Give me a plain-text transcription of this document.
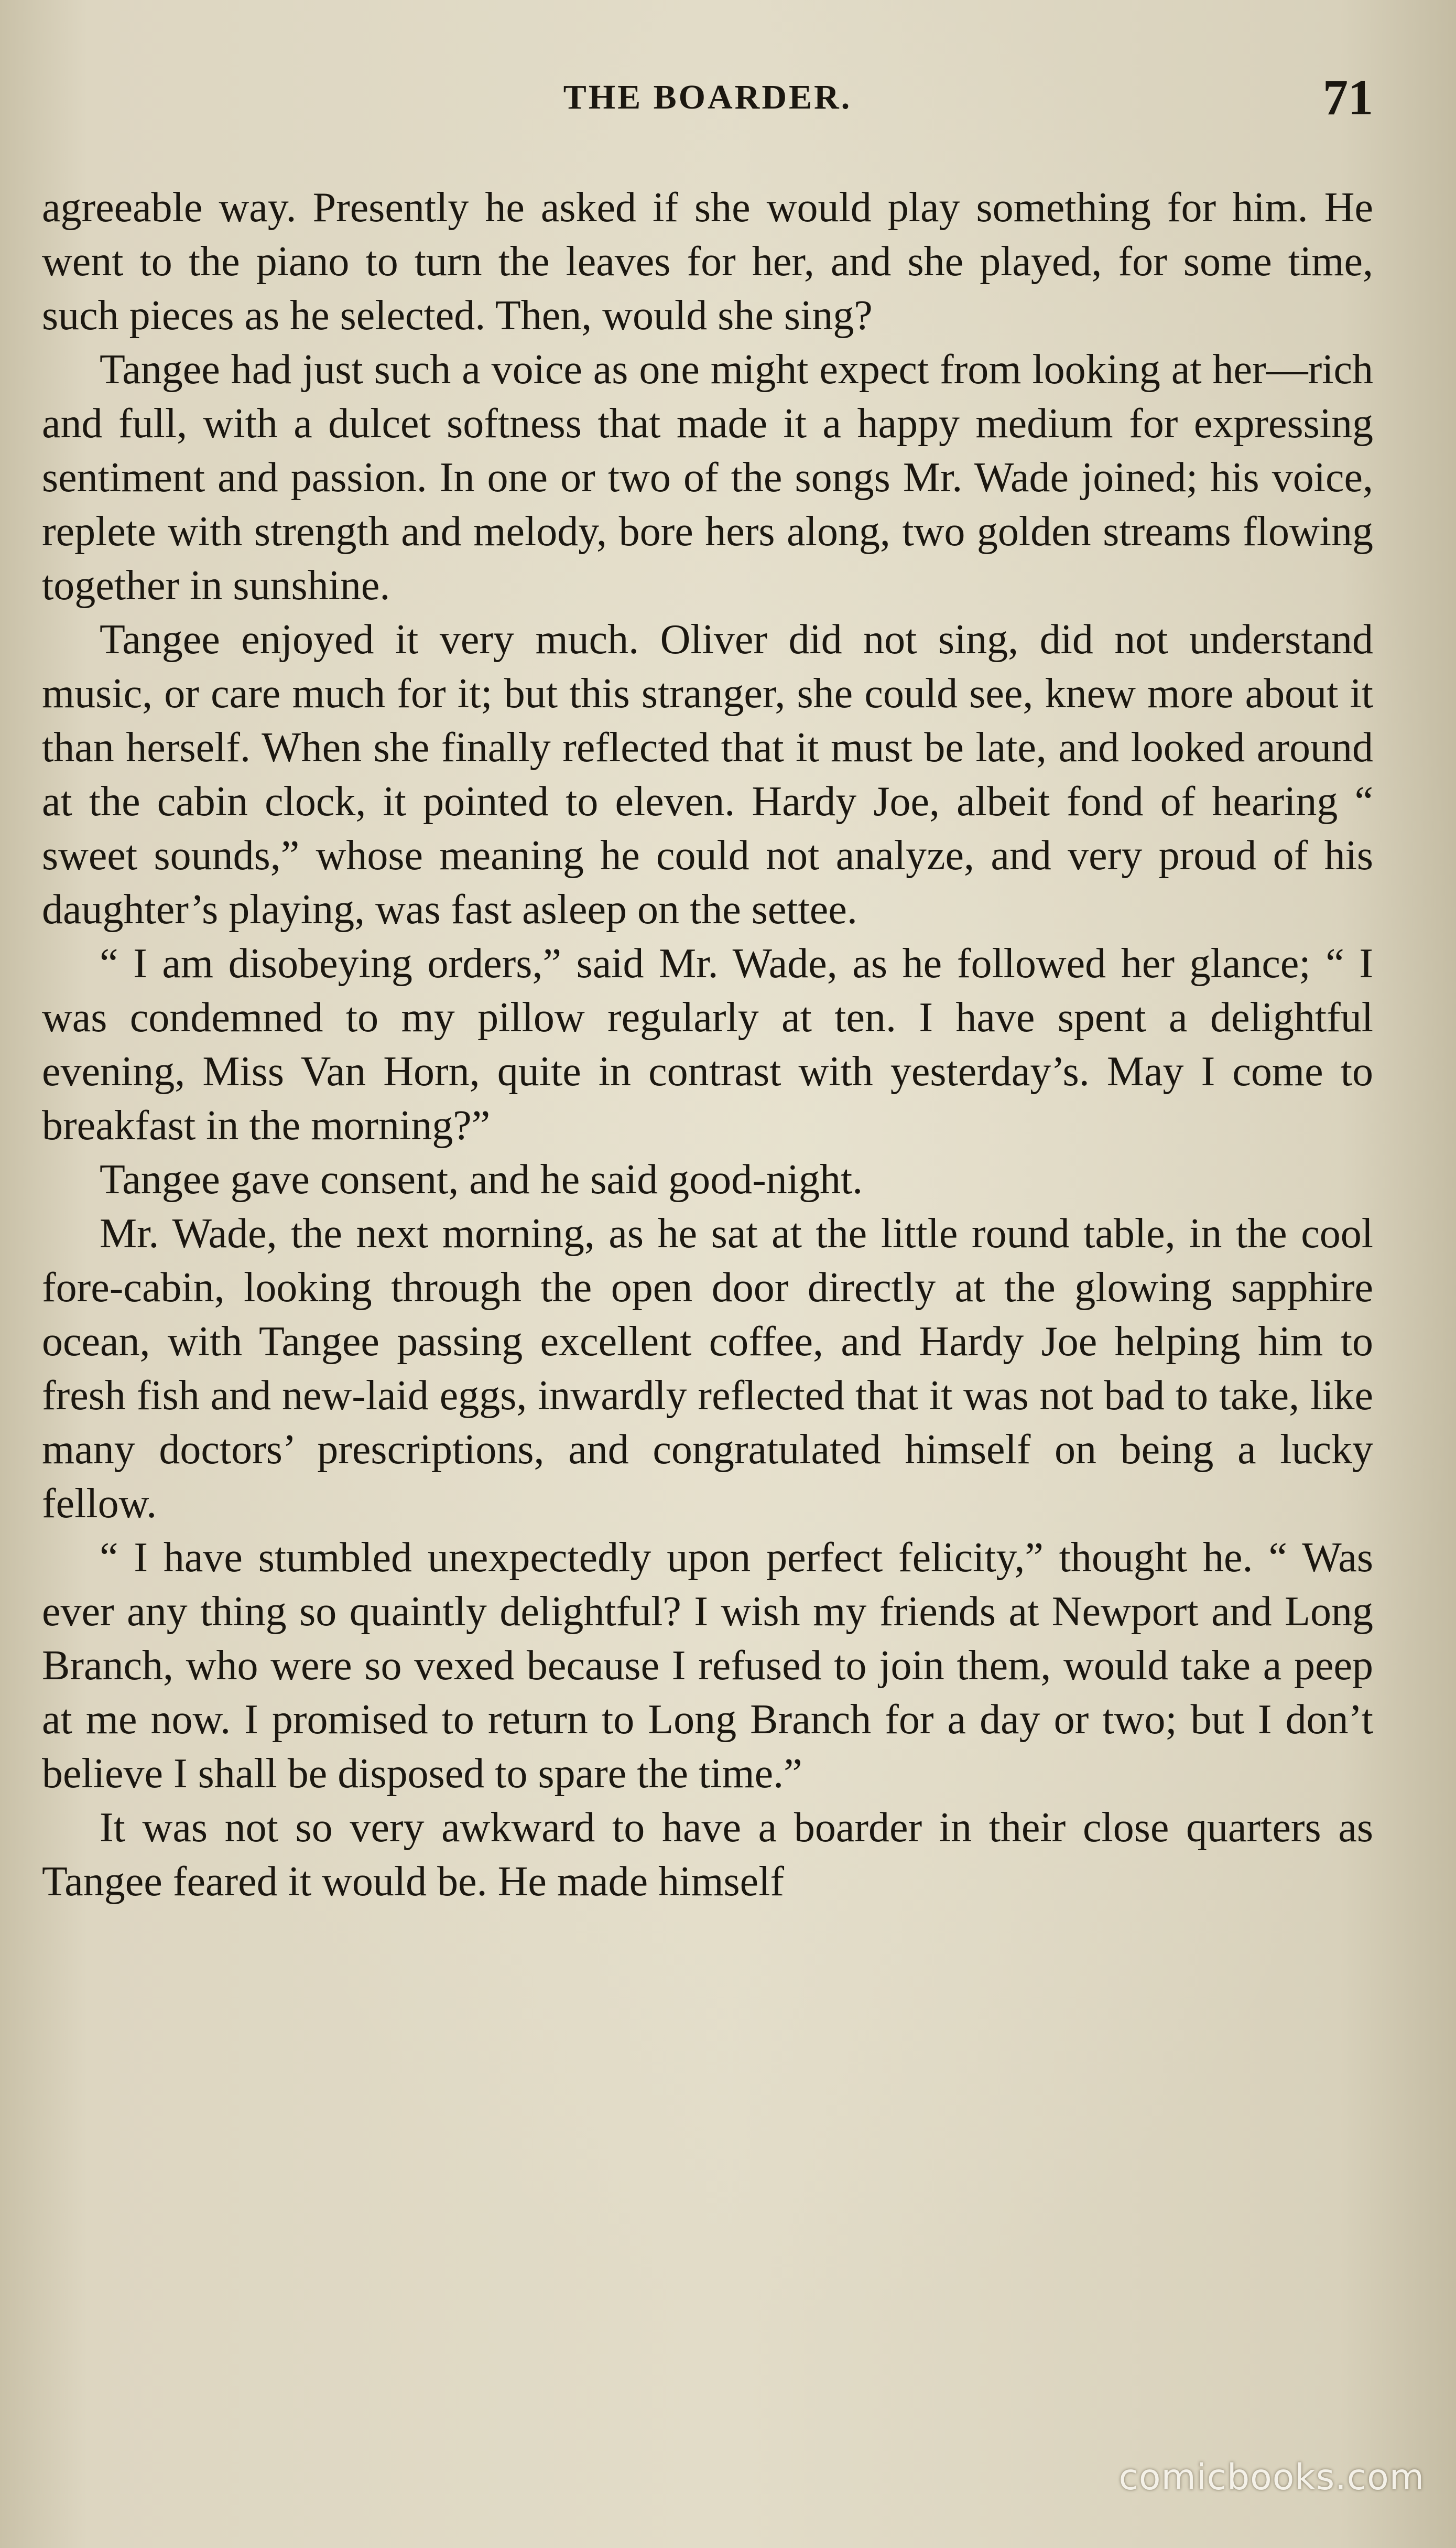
THE BOARDER.	71

agreeable way. Presently he asked if she would play something for him. He went to the piano to turn the leaves for her, and she played, for some time, such pieces as he selected. Then, would she sing?

Tangee had just such a voice as one might expect from looking at her—rich and full, with a dulcet softness that made it a happy medium for expressing sentiment and passion. In one or two of the songs Mr. Wade joined; his voice, replete with strength and melody, bore hers along, two golden streams flowing together in sunshine.

Tangee enjoyed it very much. Oliver did not sing, did not understand music, or care much for it; but this stranger, she could see, knew more about it than herself. When she finally reflected that it must be late, and looked around at the cabin clock, it pointed to eleven. Hardy Joe, albeit fond of hearing “ sweet sounds,” whose meaning he could not analyze, and very proud of his daughter’s playing, was fast asleep on the settee.

“ I am disobeying orders,” said Mr. Wade, as he followed her glance; “ I was condemned to my pillow regularly at ten. I have spent a delightful evening, Miss Van Horn, quite in contrast with yesterday’s. May I come to breakfast in the morning?”

Tangee gave consent, and he said good-night.

Mr. Wade, the next morning, as he sat at the little round table, in the cool fore-cabin, looking through the open door directly at the glowing sapphire ocean, with Tangee passing excellent coffee, and Hardy Joe helping him to fresh fish and new-laid eggs, inwardly reflected that it was not bad to take, like many doctors’ prescriptions, and congratulated himself on being a lucky fellow.

“ I have stumbled unexpectedly upon perfect felicity,” thought he. “ Was ever any thing so quaintly delightful? I wish my friends at Newport and Long Branch, who were so vexed because I refused to join them, would take a peep at me now. I promised to return to Long Branch for a day or two; but I don’t believe I shall be disposed to spare the time.”

It was not so very awkward to have a boarder in their close quarters as Tangee feared it would be. He made himself

comicbooks.com
